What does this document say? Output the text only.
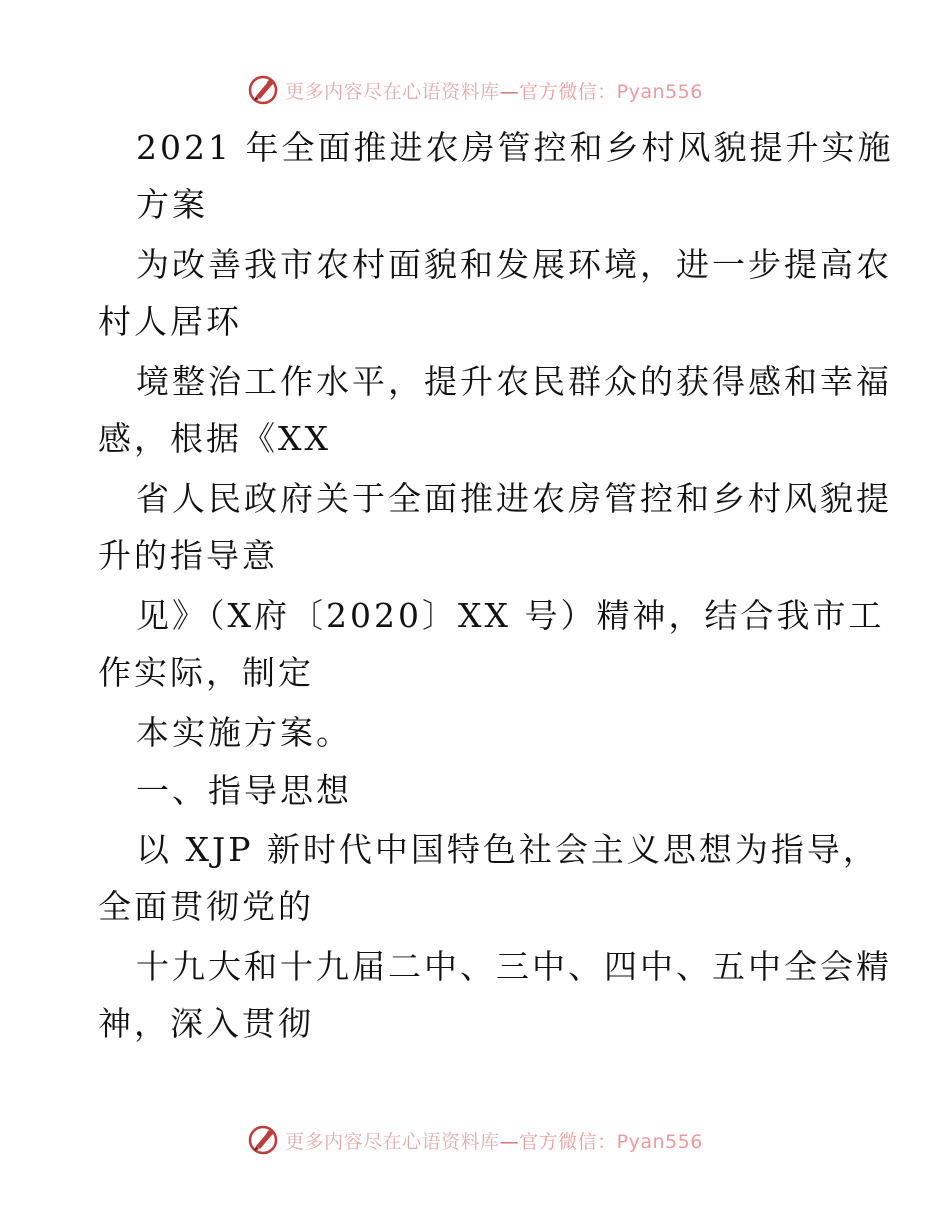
更多内容尽在心语资料库—官方微信：Pyan556
2021 年全面推进农房管控和乡村风貌提升实施
方案
为改善我市农村面貌和发展环境，进一步提高农
村人居环
境整治工作水平，提升农民群众的获得感和幸福
感，根据《XX
省人民政府关于全面推进农房管控和乡村风貌提
升的指导意
见》（X府〔2020〕XX 号）精神，结合我市工
作实际，制定
本实施方案。
一、指导思想
以 XJP 新时代中国特色社会主义思想为指导，
全面贯彻党的
十九大和十九届二中、三中、四中、五中全会精
神，深入贯彻
更多内容尽在心语资料库—官方微信：Pyan556
